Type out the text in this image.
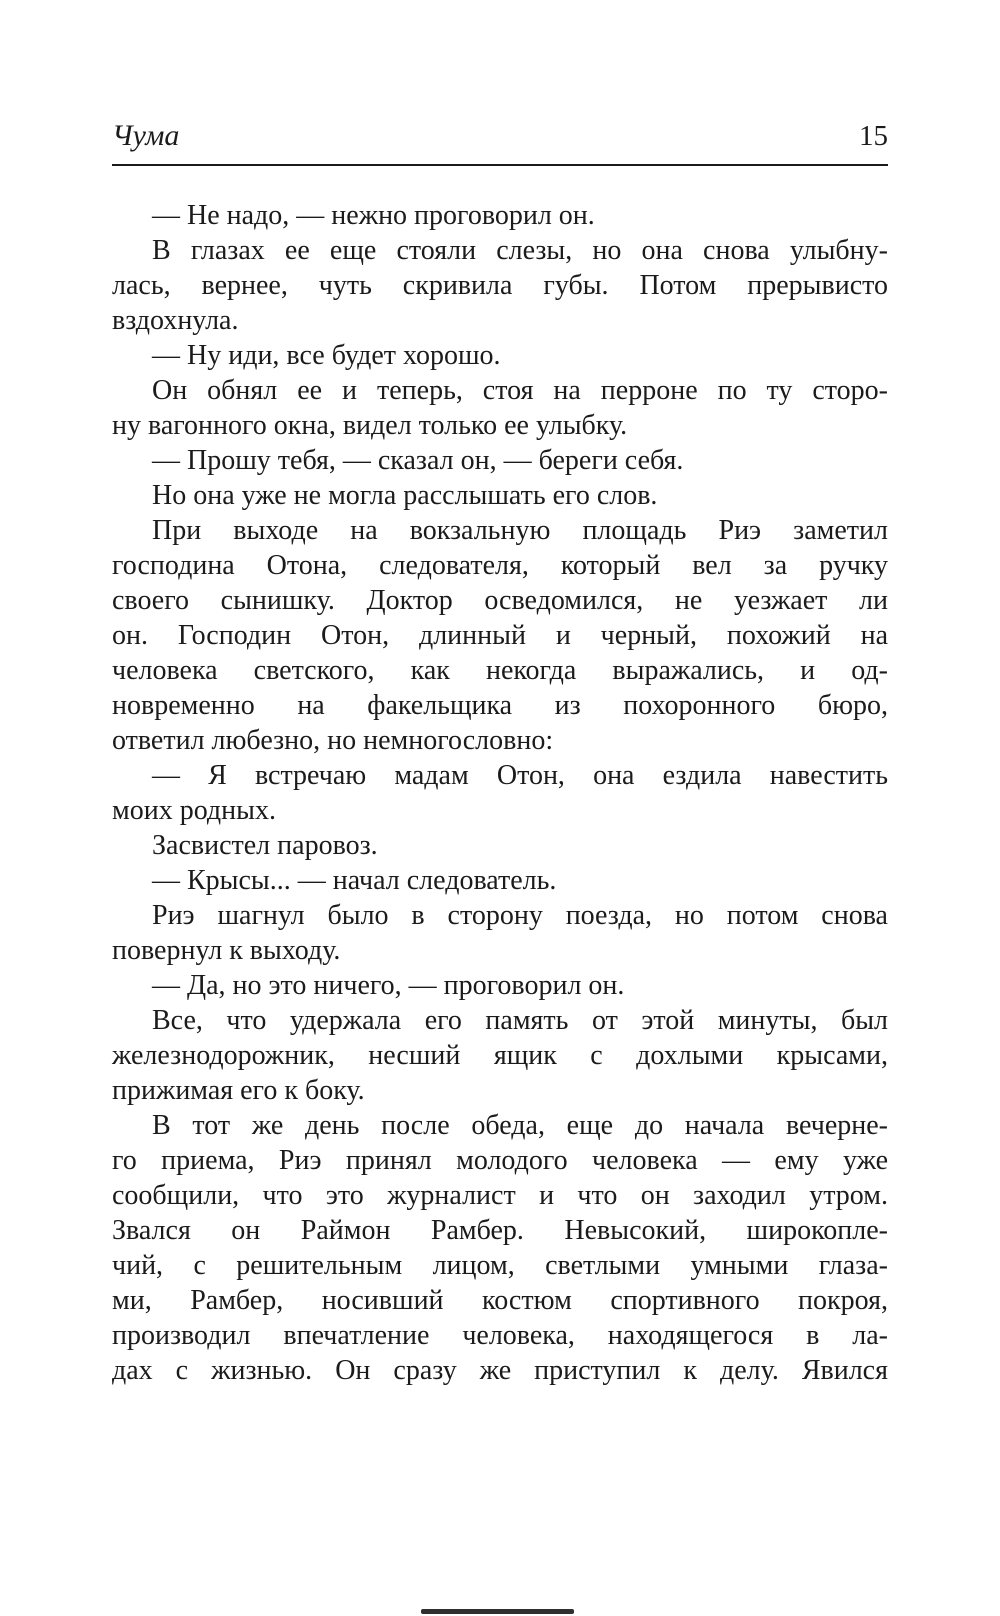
Чума	15

— Не надо, — нежно проговорил он.

В глазах ее еще стояли слезы, но она снова улыбну-
лась, вернее, чуть скривила губы. Потом прерывисто
вздохнула.

— Ну иди, все будет хорошо.

Он обнял ее и теперь, стоя на перроне по ту сторо-
ну вагонного окна, видел только ее улыбку.

— Прошу тебя, — сказал он, — береги себя.

Но она уже не могла расслышать его слов.

При выходе на вокзальную площадь Риэ заметил
господина Отона, следователя, который вел за ручку
своего сынишку. Доктор осведомился, не уезжает ли
он. Господин Отон, длинный и черный, похожий на
человека светского, как некогда выражались, и од-
новременно на факельщика из похоронного бюро,
ответил любезно, но немногословно:

— Я встречаю мадам Отон, она ездила навестить
моих родных.

Засвистел паровоз.

— Крысы... — начал следователь.

Риэ шагнул было в сторону поезда, но потом снова
повернул к выходу.

— Да, но это ничего, — проговорил он.

Все, что удержала его память от этой минуты, был
железнодорожник, несший ящик с дохлыми крысами,
прижимая его к боку.

В тот же день после обеда, еще до начала вечерне-
го приема, Риэ принял молодого человека — ему уже
сообщили, что это журналист и что он заходил утром.
Звался он Раймон Рамбер. Невысокий, широкопле-
чий, с решительным лицом, светлыми умными глаза-
ми, Рамбер, носивший костюм спортивного покроя,
производил впечатление человека, находящегося в ла-
дах с жизнью. Он сразу же приступил к делу. Явился
